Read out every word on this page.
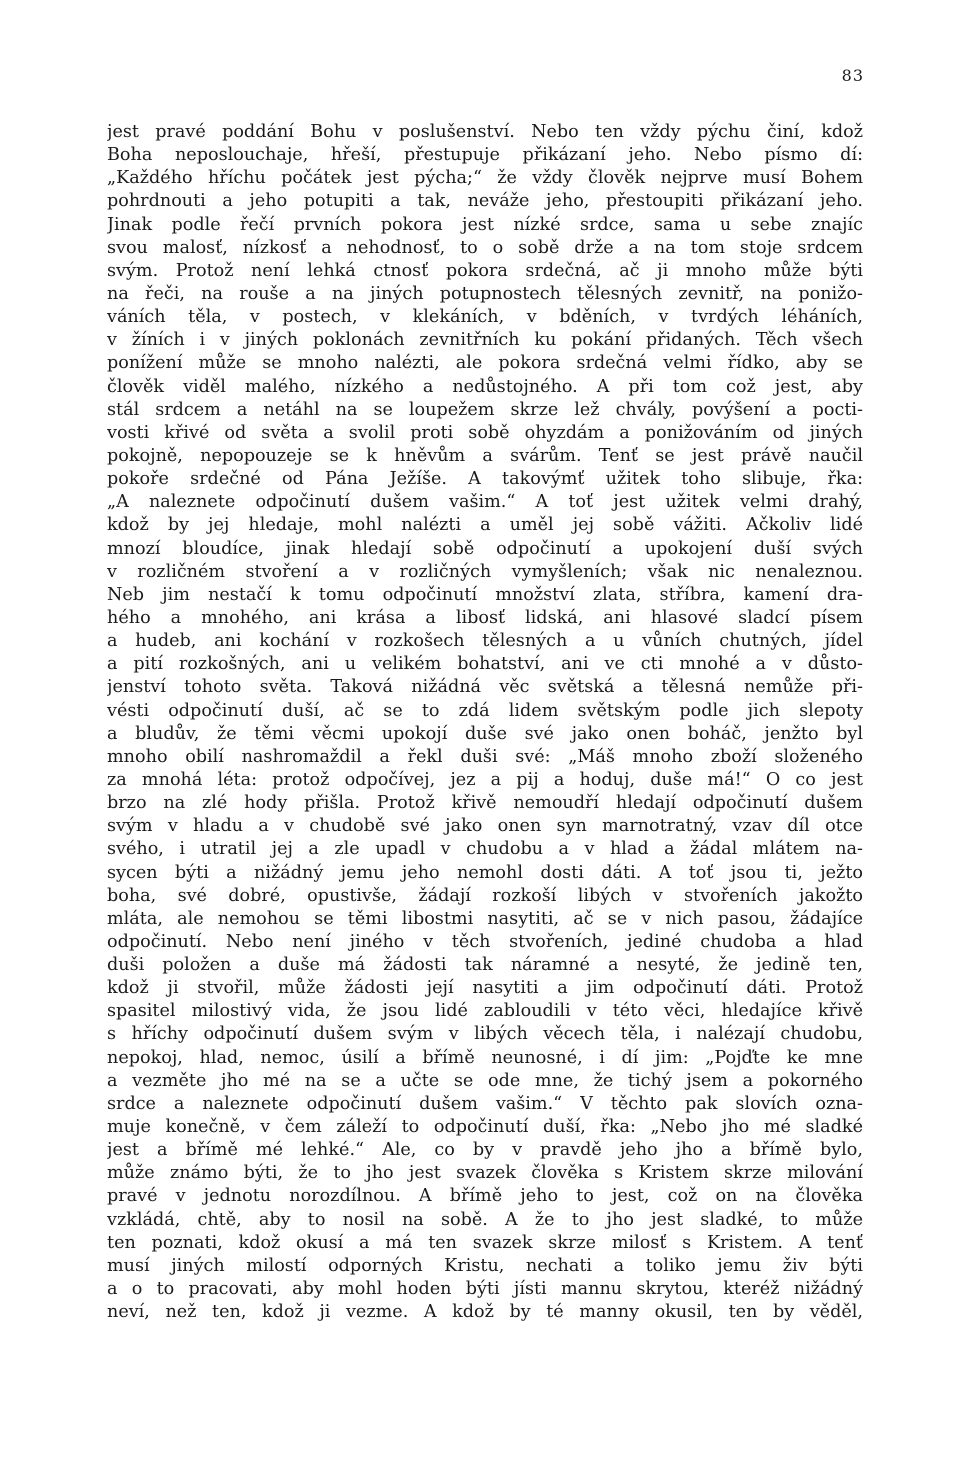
83
jest pravé poddání Bohu v poslušenství. Nebo ten vždy pýchu činí, kdož
Boha neposlouchaje, hřeší, přestupuje přikázaní jeho. Nebo písmo dí:
„Každého hříchu počátek jest pýcha;“ že vždy člověk nejprve musí Bohem
pohrdnouti a jeho potupiti a tak, neváže jeho, přestoupiti přikázaní jeho.
Jinak podle řečí prvních pokora jest nízké srdce, sama u sebe znajíc
svou malosť, nízkosť a nehodnosť, to o sobě drže a na tom stoje srdcem
svým. Protož není lehká ctnosť pokora srdečná, ač ji mnoho může býti
na řeči, na rouše a na jiných potupnostech tělesných zevnitř, na ponižo-
váních těla, v postech, v klekáních, v bděních, v tvrdých léháních,
v žíních i v jiných poklonách zevnitřních ku pokání přidaných. Těch všech
ponížení může se mnoho nalézti, ale pokora srdečná velmi řídko, aby se
člověk viděl malého, nízkého a nedůstojného. A při tom což jest, aby
stál srdcem a netáhl na se loupežem skrze lež chvály, povýšení a pocti-
vosti křivé od světa a svolil proti sobě ohyzdám a ponižováním od jiných
pokojně, nepopouzeje se k hněvům a svárům. Tenť se jest právě naučil
pokoře srdečné od Pána Ježíše. A takovýmť užitek toho slibuje, řka:
„A naleznete odpočinutí dušem vašim.“ A toť jest užitek velmi drahý,
kdož by jej hledaje, mohl nalézti a uměl jej sobě vážiti. Ačkoliv lidé
mnozí bloudíce, jinak hledají sobě odpočinutí a upokojení duší svých
v rozličném stvoření a v rozličných vymyšleních; však nic nenaleznou.
Neb jim nestačí k tomu odpočinutí množství zlata, stříbra, kamení dra-
hého a mnohého, ani krása a libosť lidská, ani hlasové sladcí písem
a hudeb, ani kochání v rozkošech tělesných a u vůních chutných, jídel
a pití rozkošných, ani u velikém bohatství, ani ve cti mnohé a v důsto-
jenství tohoto světa. Taková nižádná věc světská a tělesná nemůže při-
vésti odpočinutí duší, ač se to zdá lidem světským podle jich slepoty
a bludův, že těmi věcmi upokojí duše své jako onen boháč, jenžto byl
mnoho obilí nashromaždil a řekl duši své: „Máš mnoho zboží složeného
za mnohá léta: protož odpočívej, jez a pij a hoduj, duše má!“ O co jest
brzo na zlé hody přišla. Protož křivě nemoudří hledají odpočinutí dušem
svým v hladu a v chudobě své jako onen syn marnotratný, vzav díl otce
svého, i utratil jej a zle upadl v chudobu a v hlad a žádal mlátem na-
sycen býti a nižádný jemu jeho nemohl dosti dáti. A toť jsou ti, ježto
boha, své dobré, opustivše, žádají rozkoší libých v stvořeních jakožto
mláta, ale nemohou se těmi libostmi nasytiti, ač se v nich pasou, žádajíce
odpočinutí. Nebo není jiného v těch stvořeních, jediné chudoba a hlad
duši položen a duše má žádosti tak náramné a nesyté, že jedině ten,
kdož ji stvořil, může žádosti její nasytiti a jim odpočinutí dáti. Protož
spasitel milostivý vida, že jsou lidé zabloudili v této věci, hledajíce křivě
s hříchy odpočinutí dušem svým v libých věcech těla, i nalézají chudobu,
nepokoj, hlad, nemoc, úsilí a břímě neunosné, i dí jim: „Pojďte ke mne
a vezměte jho mé na se a učte se ode mne, že tichý jsem a pokorného
srdce a naleznete odpočinutí dušem vašim.“ V těchto pak slovích ozna-
muje konečně, v čem záleží to odpočinutí duší, řka: „Nebo jho mé sladké
jest a břímě mé lehké.“ Ale, co by v pravdě jeho jho a břímě bylo,
může známo býti, že to jho jest svazek člověka s Kristem skrze milování
pravé v jednotu norozdílnou. A břímě jeho to jest, což on na člověka
vzkládá, chtě, aby to nosil na sobě. A že to jho jest sladké, to může
ten poznati, kdož okusí a má ten svazek skrze milosť s Kristem. A tenť
musí jiných milostí odporných Kristu, nechati a toliko jemu živ býti
a o to pracovati, aby mohl hoden býti jísti mannu skrytou, kteréž nižádný
neví, než ten, kdož ji vezme. A kdož by té manny okusil, ten by věděl,
